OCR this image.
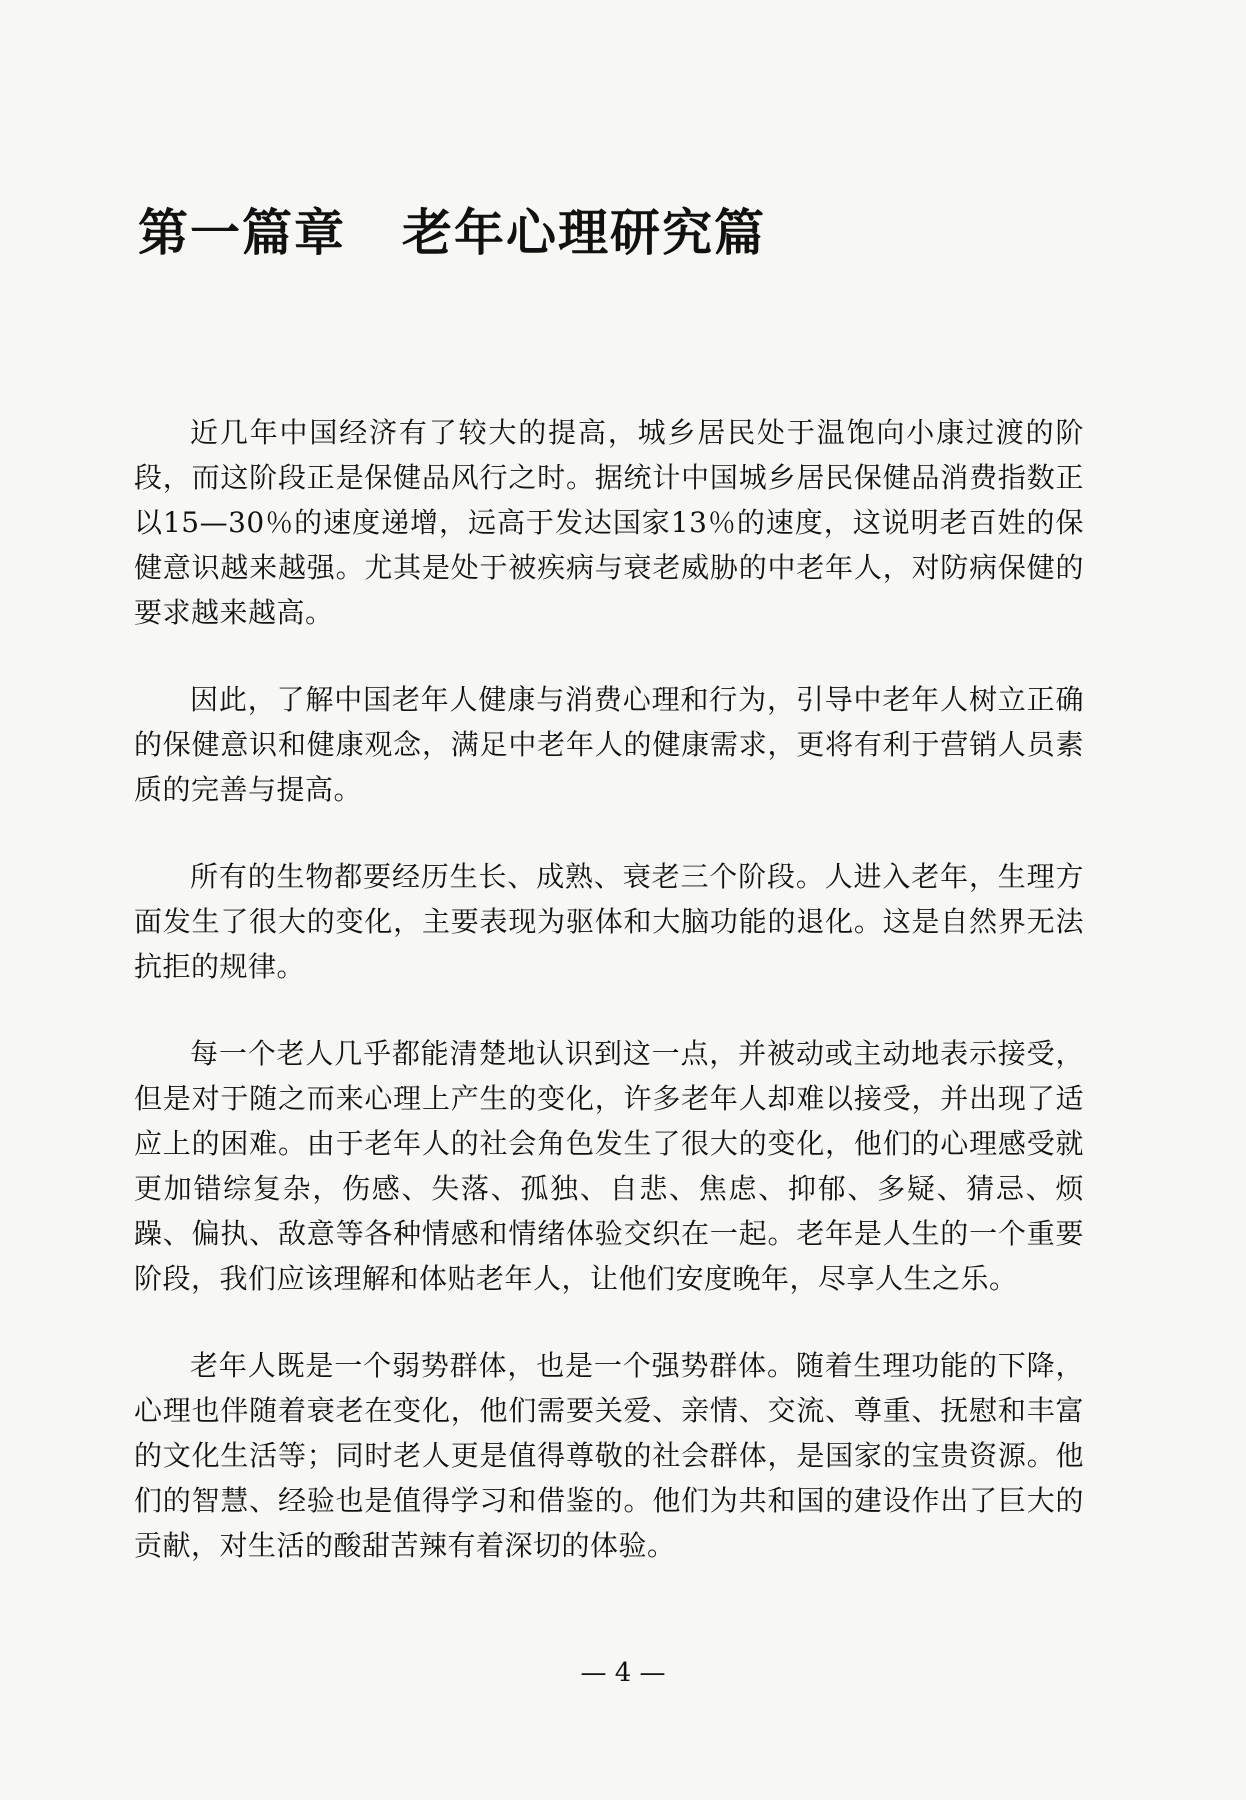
第一篇章 老年心理研究篇

近几年中国经济有了较大的提高，城乡居民处于温饱向小康过渡的阶段，而这阶段正是保健品风行之时。据统计中国城乡居民保健品消费指数正以15—30％的速度递增，远高于发达国家13％的速度，这说明老百姓的保健意识越来越强。尤其是处于被疾病与衰老威胁的中老年人，对防病保健的要求越来越高。

因此，了解中国老年人健康与消费心理和行为，引导中老年人树立正确的保健意识和健康观念，满足中老年人的健康需求，更将有利于营销人员素质的完善与提高。

所有的生物都要经历生长、成熟、衰老三个阶段。人进入老年，生理方面发生了很大的变化，主要表现为驱体和大脑功能的退化。这是自然界无法抗拒的规律。

每一个老人几乎都能清楚地认识到这一点，并被动或主动地表示接受，但是对于随之而来心理上产生的变化，许多老年人却难以接受，并出现了适应上的困难。由于老年人的社会角色发生了很大的变化，他们的心理感受就更加错综复杂，伤感、失落、孤独、自悲、焦虑、抑郁、多疑、猜忌、烦躁、偏执、敌意等各种情感和情绪体验交织在一起。老年是人生的一个重要阶段，我们应该理解和体贴老年人，让他们安度晚年，尽享人生之乐。

老年人既是一个弱势群体，也是一个强势群体。随着生理功能的下降，心理也伴随着衰老在变化，他们需要关爱、亲情、交流、尊重、抚慰和丰富的文化生活等；同时老人更是值得尊敬的社会群体，是国家的宝贵资源。他们的智慧、经验也是值得学习和借鉴的。他们为共和国的建设作出了巨大的贡献，对生活的酸甜苦辣有着深切的体验。

— 4 —
